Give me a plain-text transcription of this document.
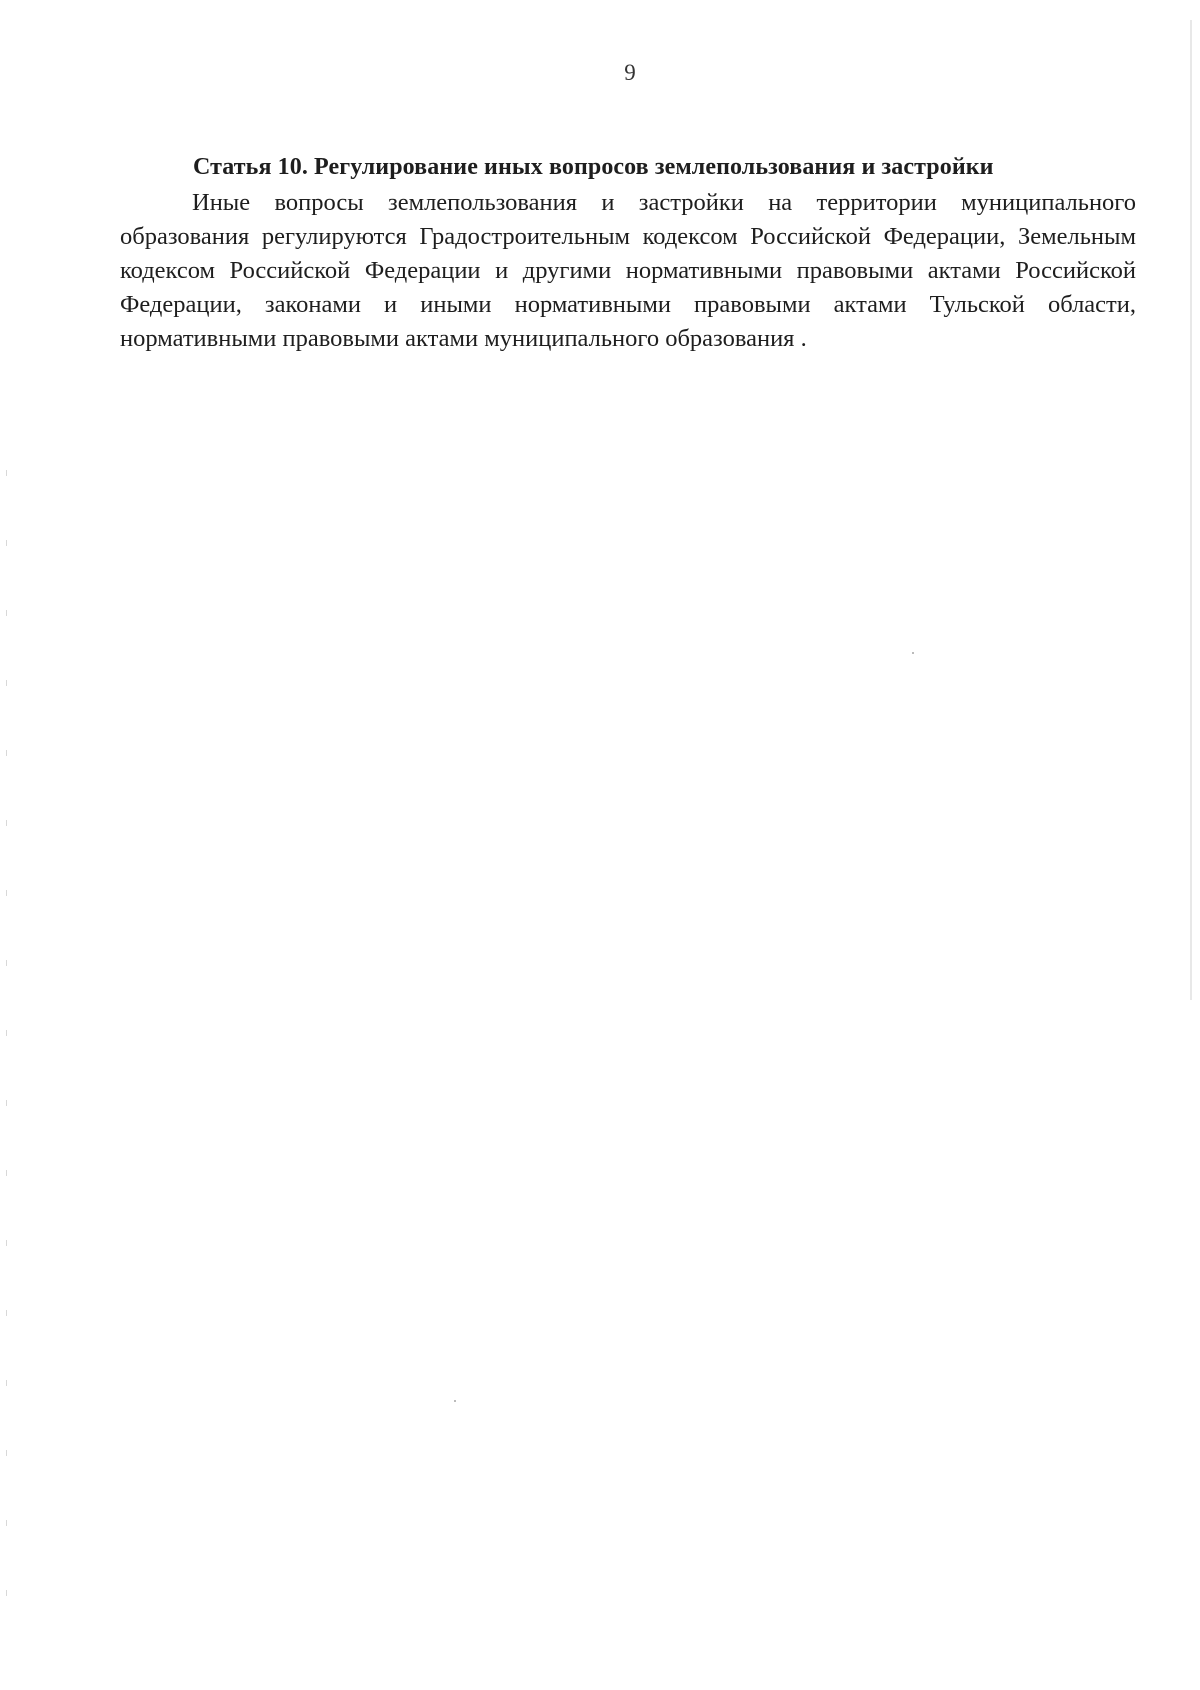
9
Статья 10. Регулирование иных вопросов землепользования и застройки

Иные вопросы землепользования и застройки на территории муниципального образования регулируются Градостроительным кодексом Российской Федерации, Земельным кодексом Российской Федерации и другими нормативными правовыми актами Российской Федерации, законами и иными нормативными правовыми актами Тульской области, нормативными правовыми актами муниципального образования .
